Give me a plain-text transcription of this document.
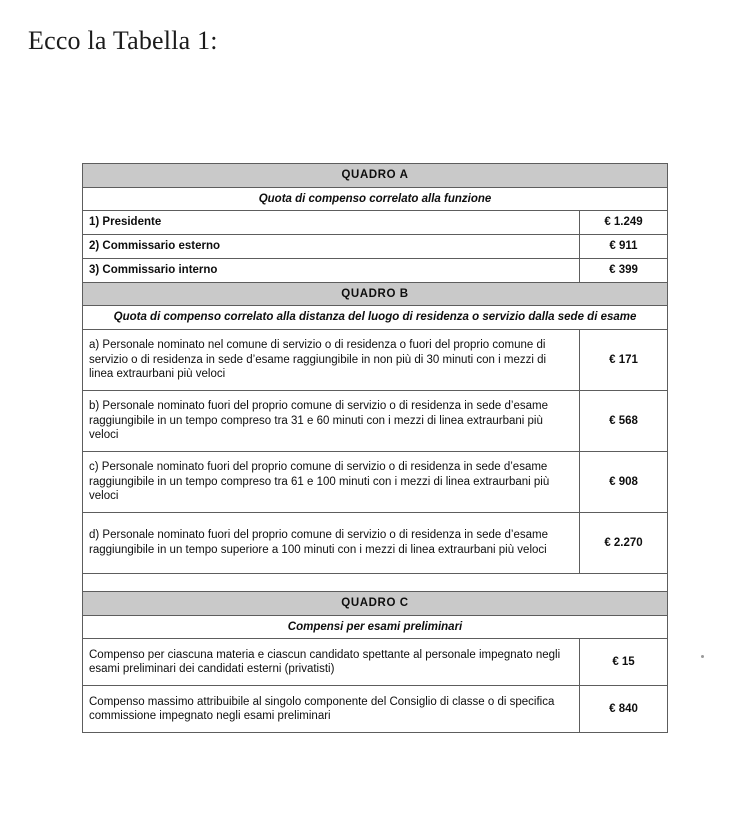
Ecco la Tabella 1:
QUADRO A	
Quota di compenso correlato alla funzione	
1) Presidente	€ 1.249
2) Commissario esterno	€ 911
3) Commissario interno	€ 399
QUADRO B	
Quota di compenso correlato alla distanza del luogo di residenza o servizio dalla sede di esame	
a) Personale nominato nel comune di servizio o di residenza o fuori del proprio comune di servizio o di residenza in sede d’esame raggiungibile in non più di 30 minuti con i mezzi di linea extraurbani più veloci	€ 171
b) Personale nominato fuori del proprio comune di servizio o di residenza in sede d’esame raggiungibile in un tempo compreso tra 31 e 60 minuti con i mezzi di linea extraurbani più veloci	€ 568
c) Personale nominato fuori del proprio comune di servizio o di residenza in sede d’esame raggiungibile in un tempo compreso tra 61 e 100 minuti con i mezzi di linea extraurbani più veloci	€ 908
d) Personale nominato fuori del proprio comune di servizio o di residenza in sede d’esame raggiungibile in un tempo superiore a 100 minuti con i mezzi di linea extraurbani più veloci	€ 2.270

QUADRO C	
Compensi per esami preliminari	
Compenso per ciascuna materia e ciascun candidato spettante al personale impegnato negli esami preliminari dei candidati esterni (privatisti)	€ 15
Compenso massimo attribuibile al singolo componente del Consiglio di classe o di specifica commissione impegnato negli esami preliminari	€ 840
